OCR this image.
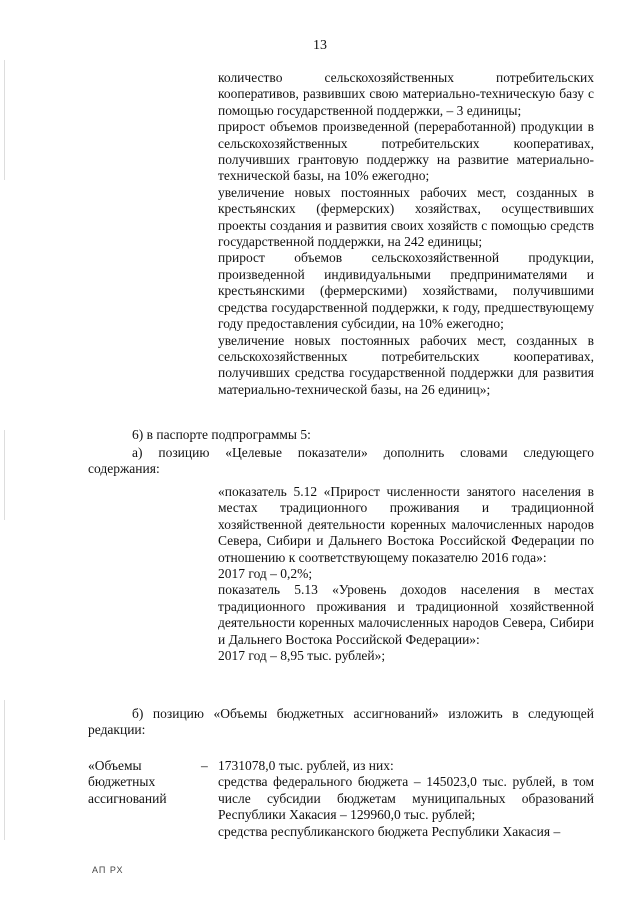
13

количество сельскохозяйственных потребительских кооперативов, развивших свою материально-техническую базу с помощью государственной поддержки, – 3 единицы;

прирост объемов произведенной (переработанной) продукции в сельскохозяйственных потребительских кооперативах, получивших грантовую поддержку на развитие материально-технической базы, на 10% ежегодно;

увеличение новых постоянных рабочих мест, созданных в крестьянских (фермерских) хозяйствах, осуществивших проекты создания и развития своих хозяйств с помощью средств государственной поддержки, на 242 единицы;

прирост объемов сельскохозяйственной продукции, произведенной индивидуальными предпринимателями и крестьянскими (фермерскими) хозяйствами, получившими средства государственной поддержки, к году, предшествующему году предоставления субсидии, на 10% ежегодно;

увеличение новых постоянных рабочих мест, созданных в сельскохозяйственных потребительских кооперативах, получивших средства государственной поддержки для развития материально-технической базы, на 26 единиц»;

6) в паспорте подпрограммы 5:
а) позицию «Целевые показатели» дополнить словами следующего содержания:

«показатель 5.12 «Прирост численности занятого населения в местах традиционного проживания и традиционной хозяйственной деятельности коренных малочисленных народов Севера, Сибири и Дальнего Востока Российской Федерации по отношению к соответствующему показателю 2016 года»:

2017 год – 0,2%;

показатель 5.13 «Уровень доходов населения в местах традиционного проживания и традиционной хозяйственной деятельности коренных малочисленных народов Севера, Сибири и Дальнего Востока Российской Федерации»:

2017 год – 8,95 тыс. рублей»;

б) позицию «Объемы бюджетных ассигнований» изложить в следующей редакции:
«Объемы
бюджетных
ассигнований
– 1731078,0 тыс. рублей, из них:

средства федерального бюджета – 145023,0 тыс. рублей, в том числе субсидии бюджетам муниципальных образований Республики Хакасия – 129960,0 тыс. рублей;

средства республиканского бюджета Республики Хакасия –

АП РХ
